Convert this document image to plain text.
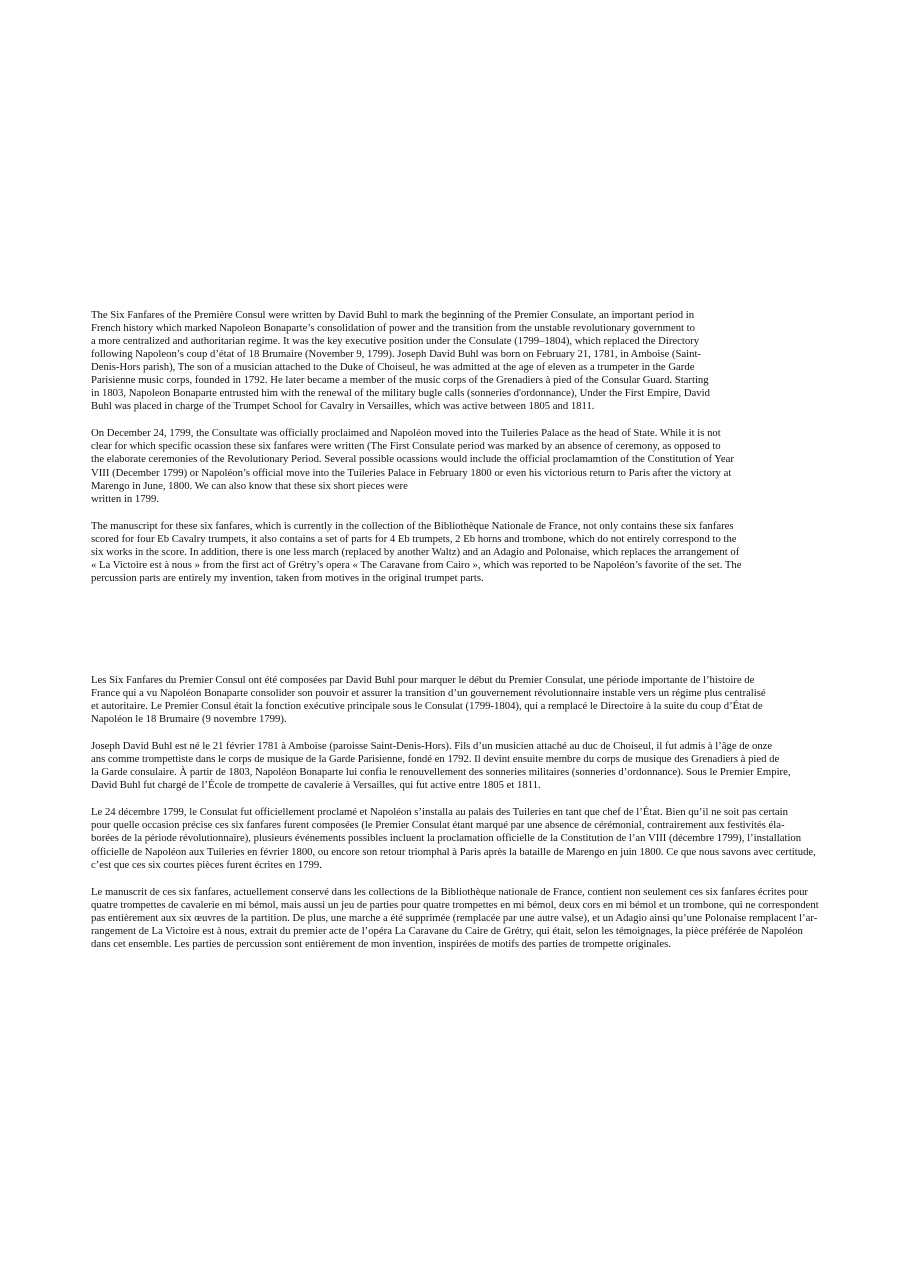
The Six Fanfares of the Première Consul were written by David Buhl to mark the beginning of the Premier Consulate, an important period in
French history which marked Napoleon Bonaparte’s consolidation of power and the transition from the unstable revolutionary government to
a more centralized and authoritarian regime. It was the key executive position under the Consulate (1799–1804), which replaced the Directory
following Napoleon’s coup d’état of 18 Brumaire (November 9, 1799). Joseph David Buhl was born on February 21, 1781, in Amboise (Saint-
Denis-Hors parish), The son of a musician attached to the Duke of Choiseul, he was admitted at the age of eleven as a trumpeter in the Garde
Parisienne music corps, founded in 1792. He later became a member of the music corps of the Grenadiers à pied of the Consular Guard. Starting
in 1803, Napoleon Bonaparte entrusted him with the renewal of the military bugle calls (sonneries d'ordonnance), Under the First Empire, David
Buhl was placed in charge of the Trumpet School for Cavalry in Versailles, which was active between 1805 and 1811.

On December 24, 1799, the Consultate was officially proclaimed and Napoléon moved into the Tuileries Palace as the head of State. While it is not
clear for which specific ocassion these six fanfares were written (The First Consulate period was marked by an absence of ceremony, as opposed to
the elaborate ceremonies of the Revolutionary Period. Several possible ocassions would include the official proclamamtion of the Constitution of Year
VIII (December 1799) or Napoléon’s official move into the Tuileries Palace in February 1800 or even his victorious return to Paris after the victory at
Marengo in June, 1800. We can also know that these six short pieces were
written in 1799.

The manuscript for these six fanfares, which is currently in the collection of the Bibliothèque Nationale de France, not only contains these six fanfares
scored for four Eb Cavalry trumpets, it also contains a set of parts for 4 Eb trumpets, 2 Eb horns and trombone, which do not entirely correspond to the
six works in the score. In addition, there is one less march (replaced by another Waltz) and an Adagio and Polonaise, which replaces the arrangement of
« La Victoire est à nous » from the first act of Grétry’s opera « The Caravane from Cairo », which was reported to be Napoléon’s favorite of the set. The
percussion parts are entirely my invention, taken from motives in the original trumpet parts.

Les Six Fanfares du Premier Consul ont été composées par David Buhl pour marquer le début du Premier Consulat, une période importante de l’histoire de
France qui a vu Napoléon Bonaparte consolider son pouvoir et assurer la transition d’un gouvernement révolutionnaire instable vers un régime plus centralisé
et autoritaire. Le Premier Consul était la fonction exécutive principale sous le Consulat (1799-1804), qui a remplacé le Directoire à la suite du coup d’État de
Napoléon le 18 Brumaire (9 novembre 1799).

Joseph David Buhl est né le 21 février 1781 à Amboise (paroisse Saint-Denis-Hors). Fils d’un musicien attaché au duc de Choiseul, il fut admis à l’âge de onze
ans comme trompettiste dans le corps de musique de la Garde Parisienne, fondé en 1792. Il devint ensuite membre du corps de musique des Grenadiers à pied de
la Garde consulaire. À partir de 1803, Napoléon Bonaparte lui confia le renouvellement des sonneries militaires (sonneries d’ordonnance). Sous le Premier Empire,
David Buhl fut chargé de l’École de trompette de cavalerie à Versailles, qui fut active entre 1805 et 1811.

Le 24 décembre 1799, le Consulat fut officiellement proclamé et Napoléon s’installa au palais des Tuileries en tant que chef de l’État. Bien qu’il ne soit pas certain
pour quelle occasion précise ces six fanfares furent composées (le Premier Consulat étant marqué par une absence de cérémonial, contrairement aux festivités éla-
borées de la période révolutionnaire), plusieurs événements possibles incluent la proclamation officielle de la Constitution de l’an VIII (décembre 1799), l’installation
officielle de Napoléon aux Tuileries en février 1800, ou encore son retour triomphal à Paris après la bataille de Marengo en juin 1800. Ce que nous savons avec certitude,
c’est que ces six courtes pièces furent écrites en 1799.

Le manuscrit de ces six fanfares, actuellement conservé dans les collections de la Bibliothèque nationale de France, contient non seulement ces six fanfares écrites pour
quatre trompettes de cavalerie en mi bémol, mais aussi un jeu de parties pour quatre trompettes en mi bémol, deux cors en mi bémol et un trombone, qui ne correspondent
pas entièrement aux six œuvres de la partition. De plus, une marche a été supprimée (remplacée par une autre valse), et un Adagio ainsi qu’une Polonaise remplacent l’ar-
rangement de La Victoire est à nous, extrait du premier acte de l’opéra La Caravane du Caire de Grétry, qui était, selon les témoignages, la pièce préférée de Napoléon
dans cet ensemble. Les parties de percussion sont entièrement de mon invention, inspirées de motifs des parties de trompette originales.
